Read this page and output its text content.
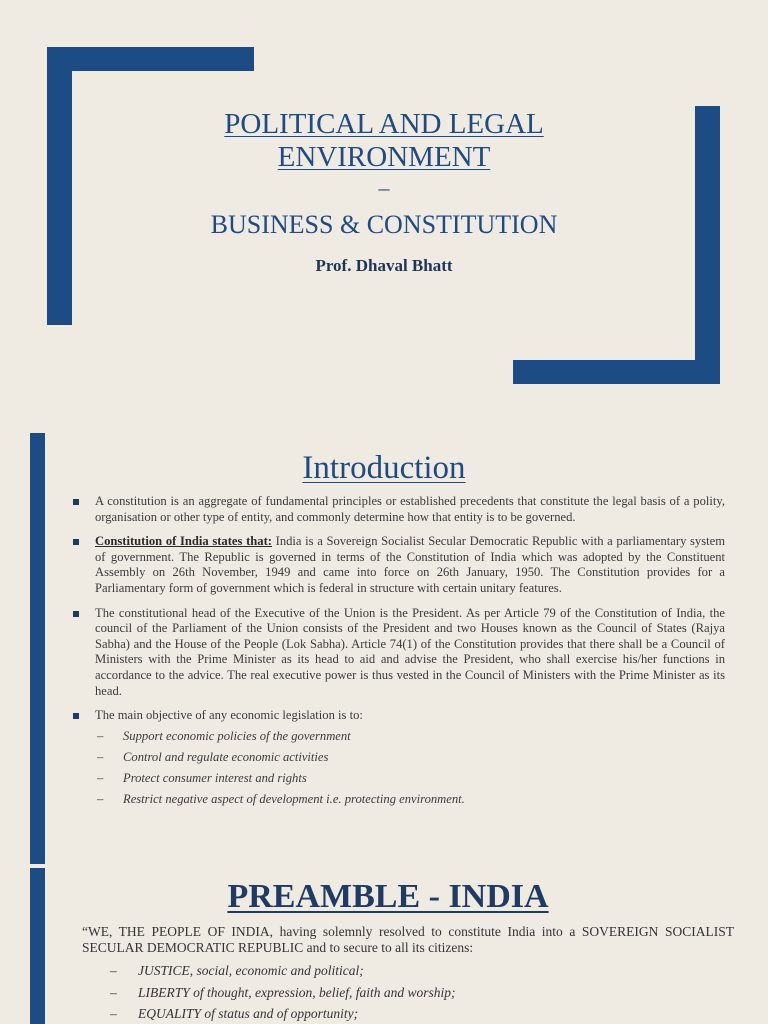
POLITICAL AND LEGAL
ENVIRONMENT
–
BUSINESS & CONSTITUTION
Prof. Dhaval Bhatt
Introduction
A constitution is an aggregate of fundamental principles or established precedents that constitute the legal basis of a polity, organisation or other type of entity, and commonly determine how that entity is to be governed.
Constitution of India states that: India is a Sovereign Socialist Secular Democratic Republic with a parliamentary system of government. The Republic is governed in terms of the Constitution of India which was adopted by the Constituent Assembly on 26th November, 1949 and came into force on 26th January, 1950. The Constitution provides for a Parliamentary form of government which is federal in structure with certain unitary features.
The constitutional head of the Executive of the Union is the President. As per Article 79 of the Constitution of India, the council of the Parliament of the Union consists of the President and two Houses known as the Council of States (Rajya Sabha) and the House of the People (Lok Sabha). Article 74(1) of the Constitution provides that there shall be a Council of Ministers with the Prime Minister as its head to aid and advise the President, who shall exercise his/her functions in accordance to the advice. The real executive power is thus vested in the Council of Ministers with the Prime Minister as its head.
The main objective of any economic legislation is to:
– Support economic policies of the government
– Control and regulate economic activities
– Protect consumer interest and rights
– Restrict negative aspect of development i.e. protecting environment.
PREAMBLE - INDIA
“WE, THE PEOPLE OF INDIA, having solemnly resolved to constitute India into a SOVEREIGN SOCIALIST SECULAR DEMOCRATIC REPUBLIC and to secure to all its citizens:
– JUSTICE, social, economic and political;
– LIBERTY of thought, expression, belief, faith and worship;
– EQUALITY of status and of opportunity;
